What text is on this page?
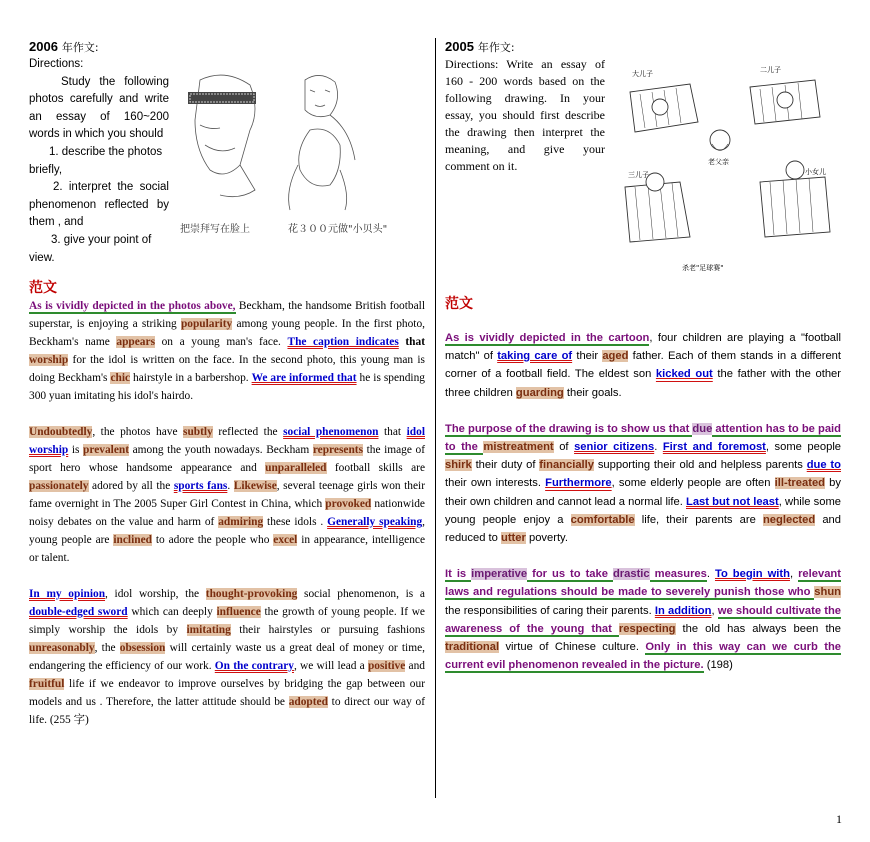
2006 年作文:
Directions:
Study the following photos carefully and write an essay of 160~200 words in which you should
1. describe the photos briefly,
2. interpret the social phenomenon reflected by them , and
3. give your point of view.
范文

As is vividly depicted in the photos above, Beckham, the handsome British football superstar, is enjoying a striking popularity among young people. In the first photo, Beckham's name appears on a young man's face. The caption indicates that worship for the idol is written on the face. In the second photo, this young man is doing Beckham's chic hairstyle in a barbershop. We are informed that he is spending 300 yuan imitating his idol's hairdo.

Undoubtedly, the photos have subtly reflected the social phenomenon that idol worship is prevalent among the youth nowadays. Beckham represents the image of sport hero whose handsome appearance and unparalleled football skills are passionately adored by all the sports fans. Likewise, several teenage girls won their fame overnight in The 2005 Super Girl Contest in China, which provoked nationwide noisy debates on the value and harm of admiring these idols . Generally speaking, young people are inclined to adore the people who excel in appearance, intelligence or talent.

In my opinion, idol worship, the thought-provoking social phenomenon, is a double-edged sword which can deeply influence the growth of young people. If we simply worship the idols by imitating their hairstyles or pursuing fashions unreasonably, the obsession will certainly waste us a great deal of money or time, endangering the efficiency of our work. On the contrary, we will lead a positive and fruitful life if we endeavor to improve ourselves by bridging the gap between our models and us . Therefore, the latter attitude should be adopted to direct our way of life. (255 字)

把崇拜写在脸上	花３００元做"小贝头"
2005 年作文:
Directions: Write an essay of 160 - 200 words based on the following drawing. In your essay, you should first describe the drawing then interpret the meaning, and give your comment on it.
范文

As is vividly depicted in the cartoon, four children are playing a "football match" of taking care of their aged father. Each of them stands in a different corner of a football field. The eldest son kicked out the father with the other three children guarding their goals.

The purpose of the drawing is to show us that due attention has to be paid to the mistreatment of senior citizens. First and foremost, some people shirk their duty of financially supporting their old and helpless parents due to their own interests. Furthermore, some elderly people are often ill-treated by their own children and cannot lead a normal life. Last but not least, while some young people enjoy a comfortable life, their parents are neglected and reduced to utter poverty.

It is imperative for us to take drastic measures. To begin with, relevant laws and regulations should be made to severely punish those who shun the responsibilities of caring their parents. In addition, we should cultivate the awareness of the young that respecting the old has always been the traditional virtue of Chinese culture. Only in this way can we curb the current evil phenomenon revealed in the picture. (198)

大儿子	二儿子
老父亲
三儿子	小女儿
杀老"足球赛"
1
